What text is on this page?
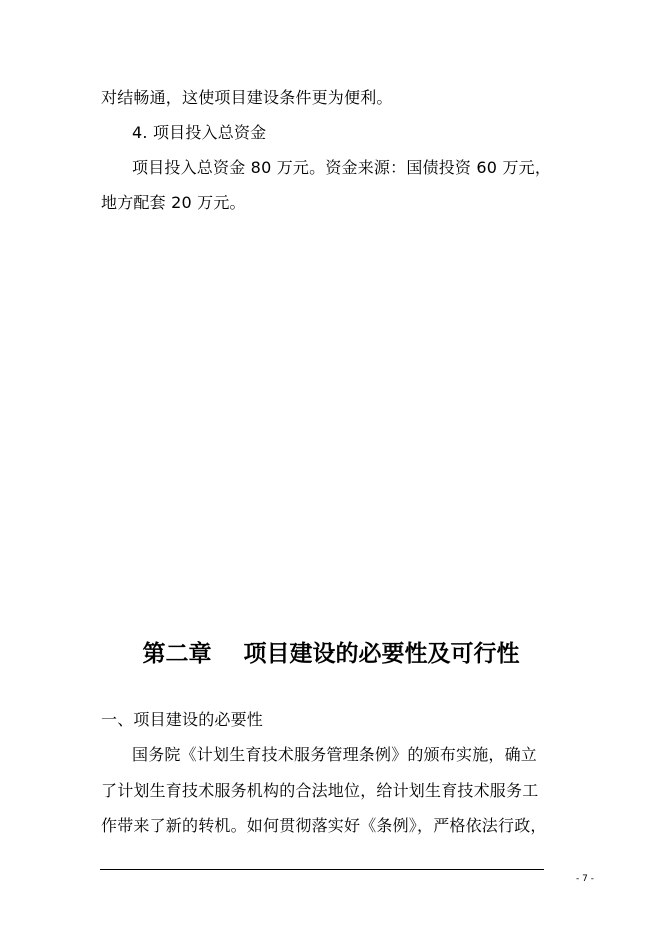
对结畅通，这使项目建设条件更为便利。
4. 项目投入总资金
项目投入总资金 80 万元。资金来源：国债投资 60 万元，
地方配套 20 万元。
第二章    项目建设的必要性及可行性
一、项目建设的必要性
国务院《计划生育技术服务管理条例》的颁布实施，确立
了计划生育技术服务机构的合法地位，给计划生育技术服务工
作带来了新的转机。如何贯彻落实好《条例》，严格依法行政，
- 7 -
